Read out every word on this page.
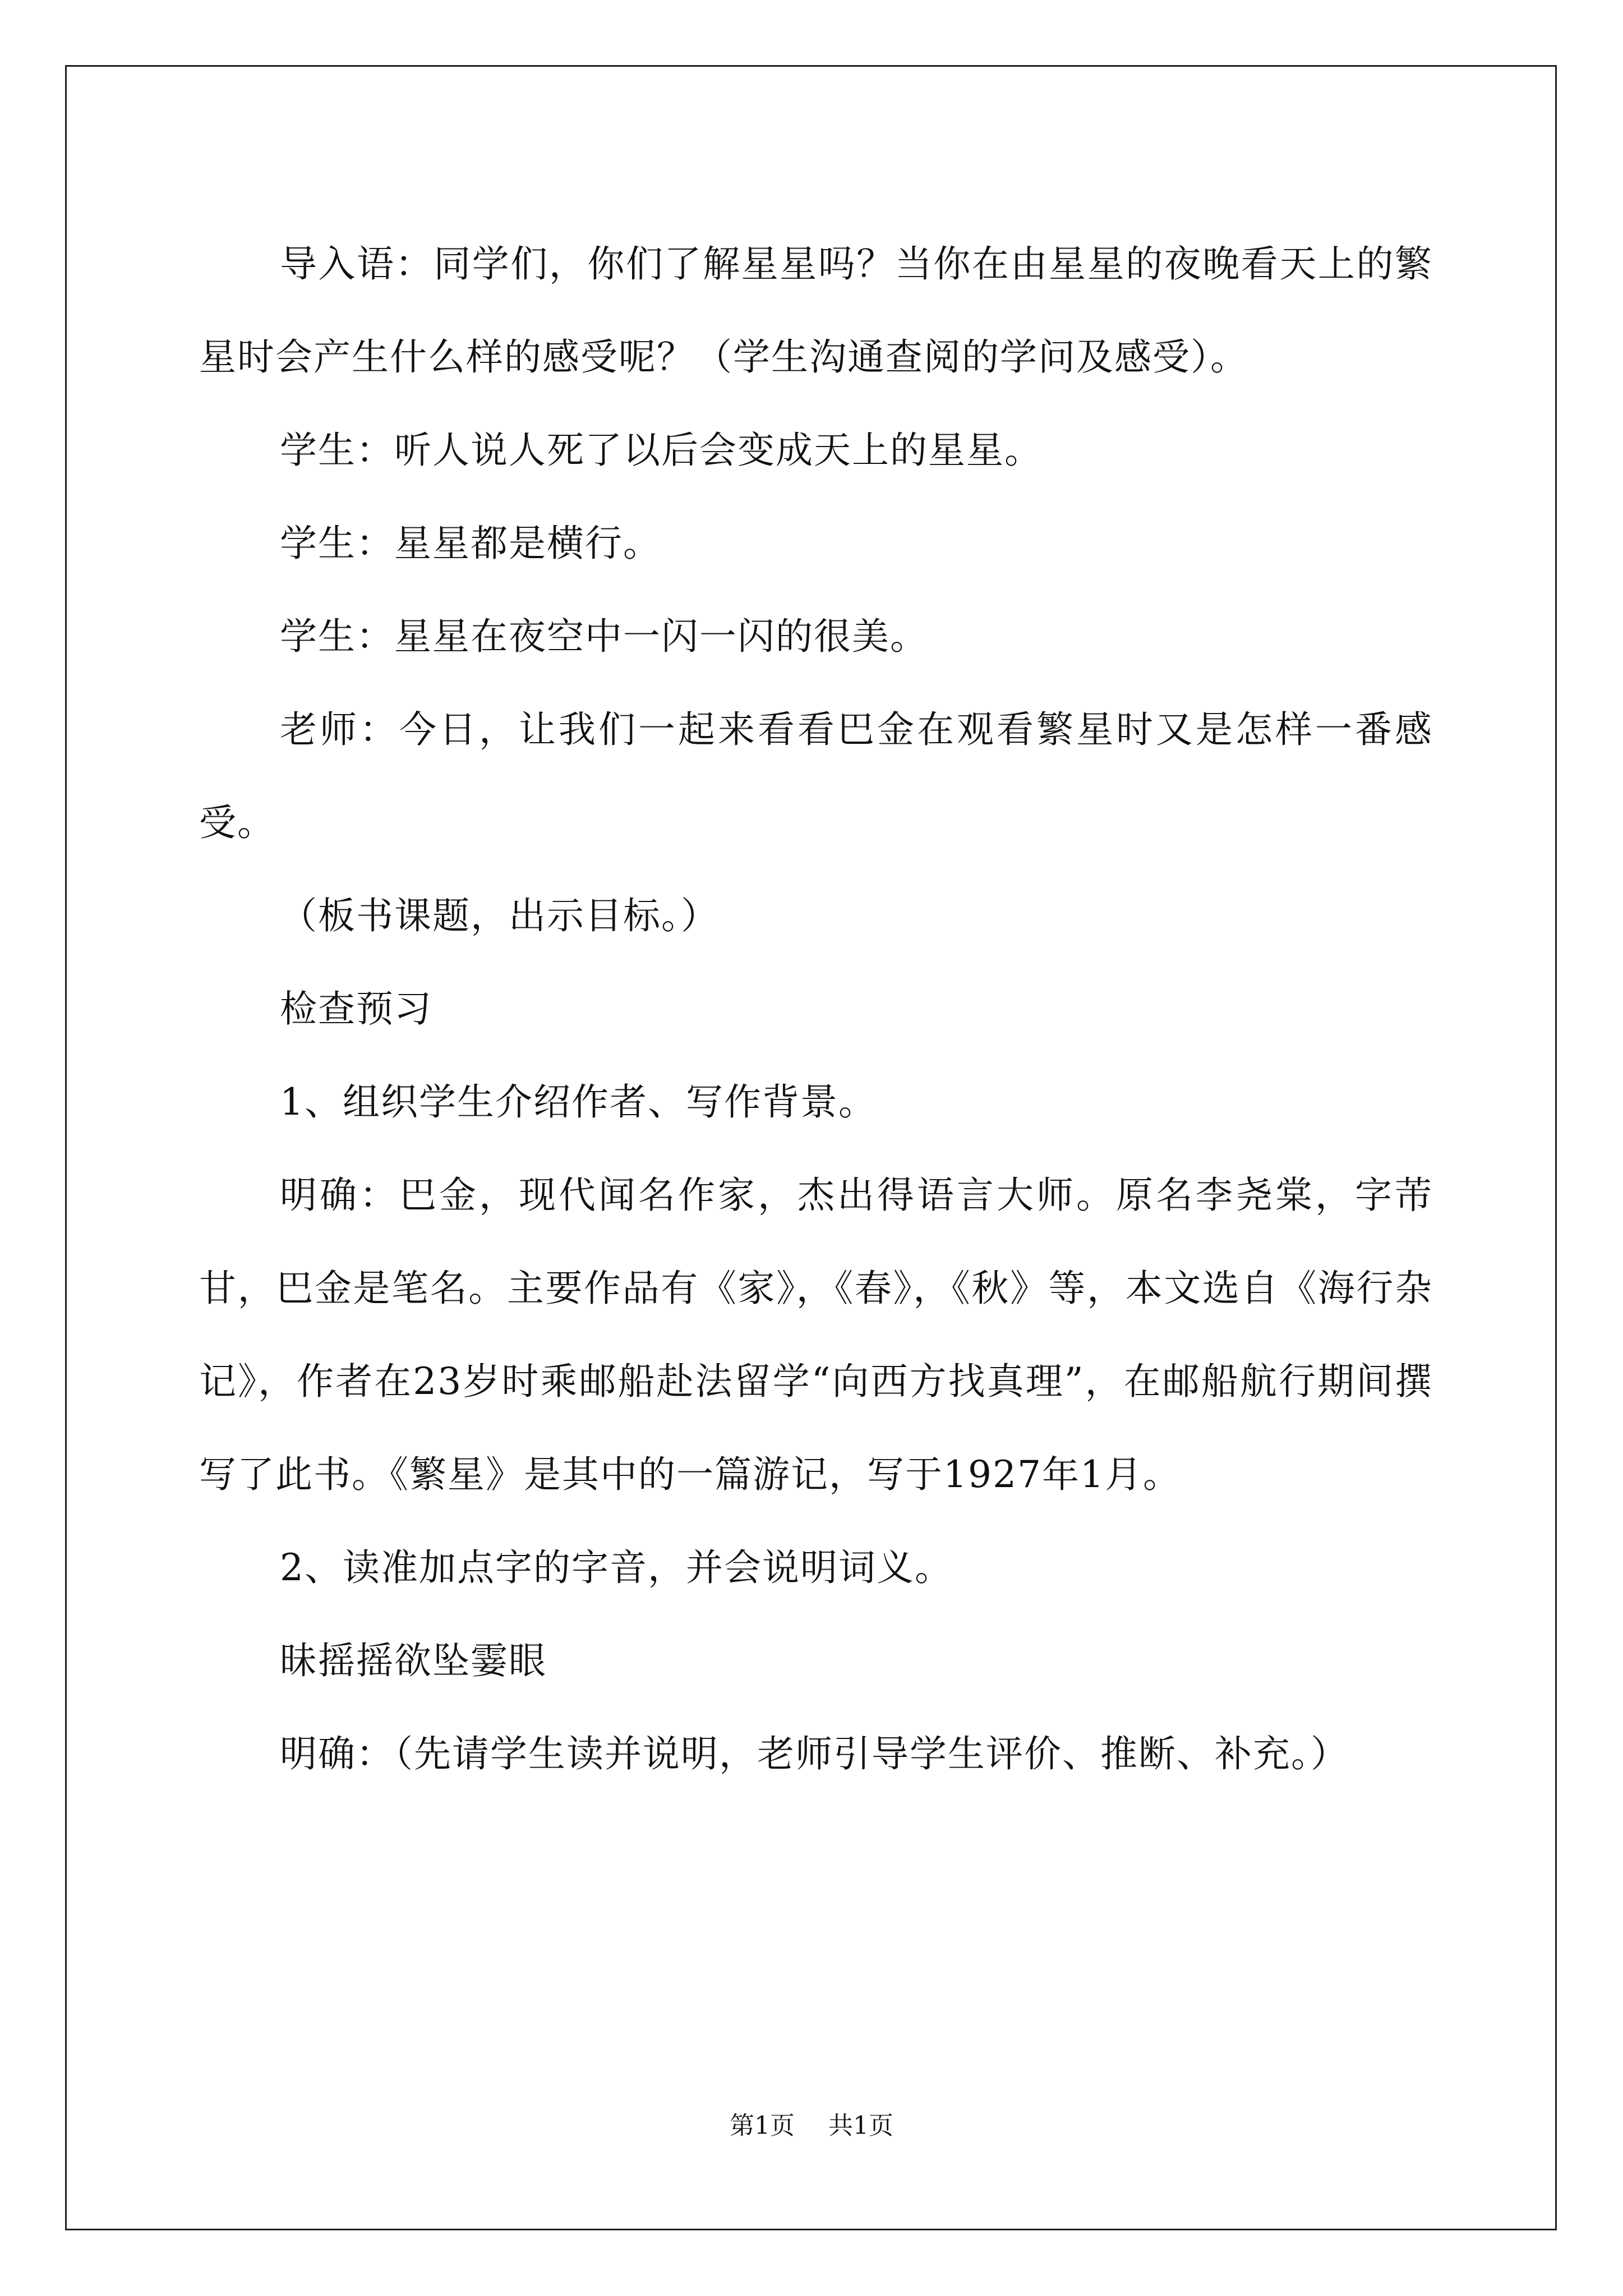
导入语：同学们，你们了解星星吗？当你在由星星的夜晚看天上的繁星时会产生什么样的感受呢？（学生沟通查阅的学问及感受）。

学生：听人说人死了以后会变成天上的星星。

学生：星星都是横行。

学生：星星在夜空中一闪一闪的很美。

老师：今日，让我们一起来看看巴金在观看繁星时又是怎样一番感受。

（板书课题，出示目标。）

检查预习

1、组织学生介绍作者、写作背景。

明确：巴金，现代闻名作家，杰出得语言大师。原名李尧棠，字芾甘，巴金是笔名。主要作品有《家》，《春》，《秋》等，本文选自《海行杂记》，作者在23岁时乘邮船赴法留学“向西方找真理”，在邮船航行期间撰写了此书。《繁星》是其中的一篇游记，写于1927年1月。

2、读准加点字的字音，并会说明词义。

昧摇摇欲坠霎眼

明确：（先请学生读并说明，老师引导学生评价、推断、补充。）

第1页 共1页
